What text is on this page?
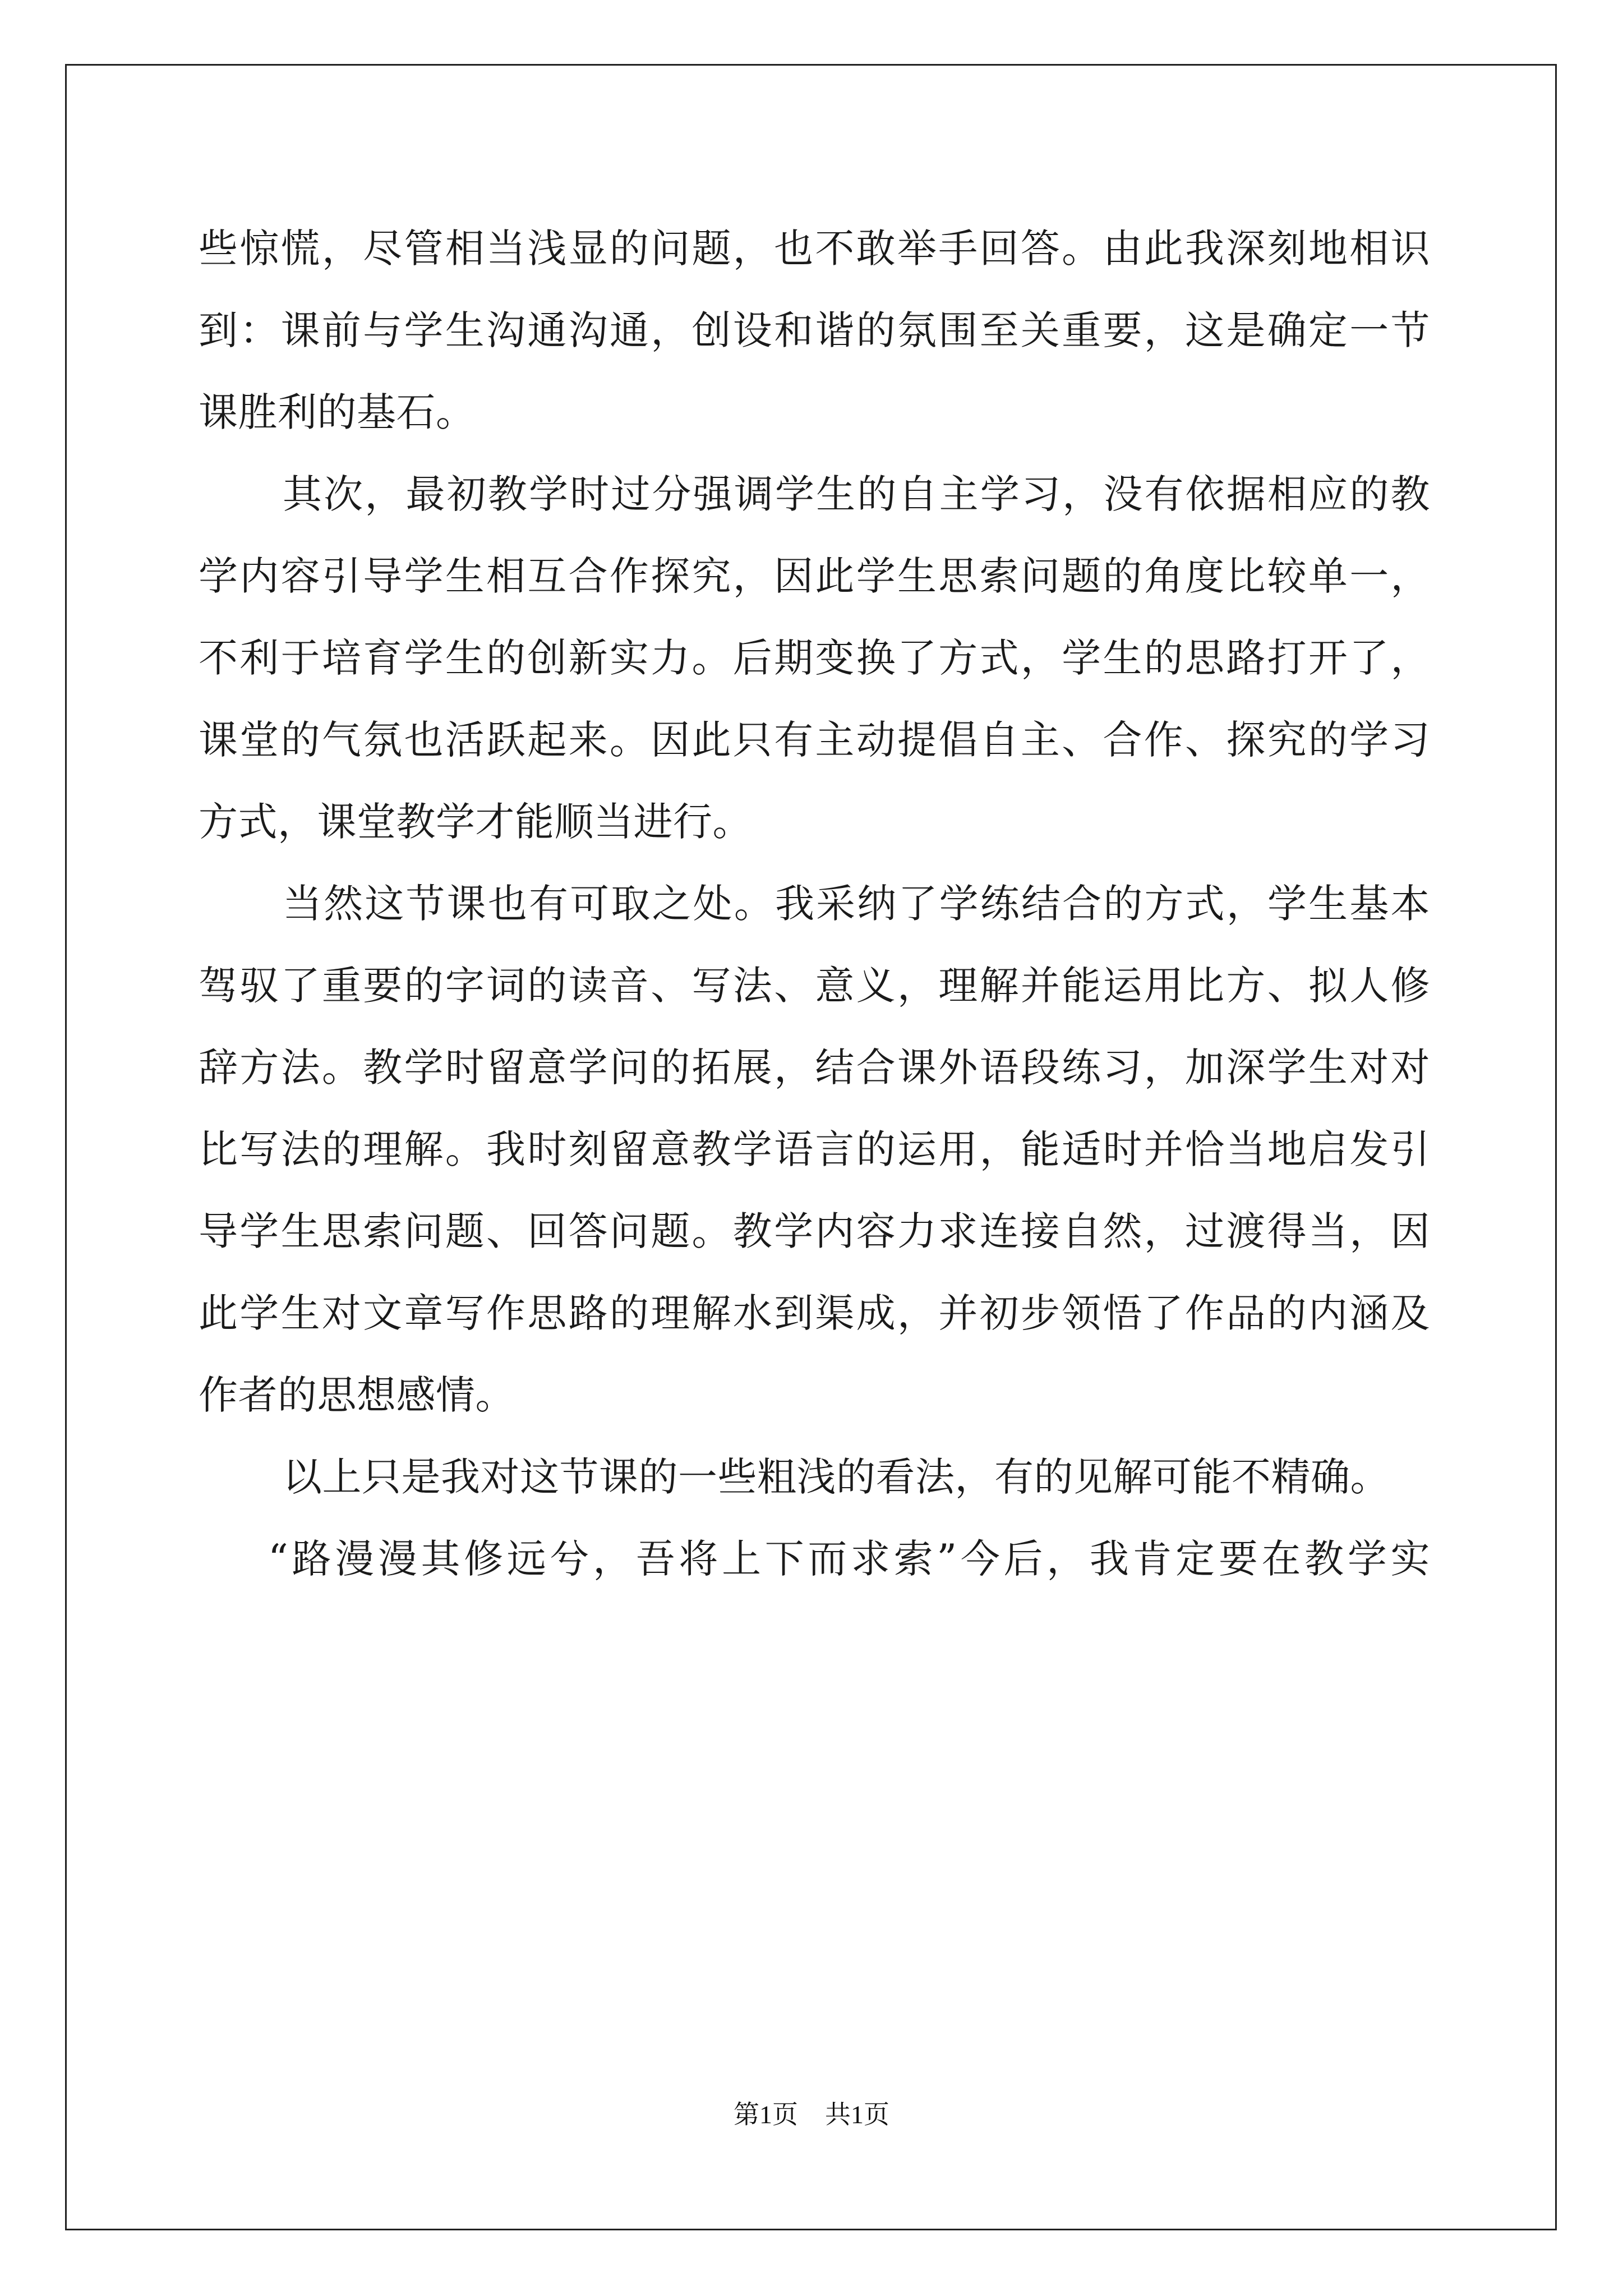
些惊慌，尽管相当浅显的问题，也不敢举手回答。由此我深刻地相识
到：课前与学生沟通沟通，创设和谐的氛围至关重要，这是确定一节
课胜利的基石。
其次，最初教学时过分强调学生的自主学习，没有依据相应的教
学内容引导学生相互合作探究，因此学生思索问题的角度比较单一，
不利于培育学生的创新实力。后期变换了方式，学生的思路打开了，
课堂的气氛也活跃起来。因此只有主动提倡自主、合作、探究的学习
方式，课堂教学才能顺当进行。
当然这节课也有可取之处。我采纳了学练结合的方式，学生基本
驾驭了重要的字词的读音、写法、意义，理解并能运用比方、拟人修
辞方法。教学时留意学问的拓展，结合课外语段练习，加深学生对对
比写法的理解。我时刻留意教学语言的运用，能适时并恰当地启发引
导学生思索问题、回答问题。教学内容力求连接自然，过渡得当，因
此学生对文章写作思路的理解水到渠成，并初步领悟了作品的内涵及
作者的思想感情。
以上只是我对这节课的一些粗浅的看法，有的见解可能不精确。
“路漫漫其修远兮，吾将上下而求索”今后，我肯定要在教学实
第1页 共1页
